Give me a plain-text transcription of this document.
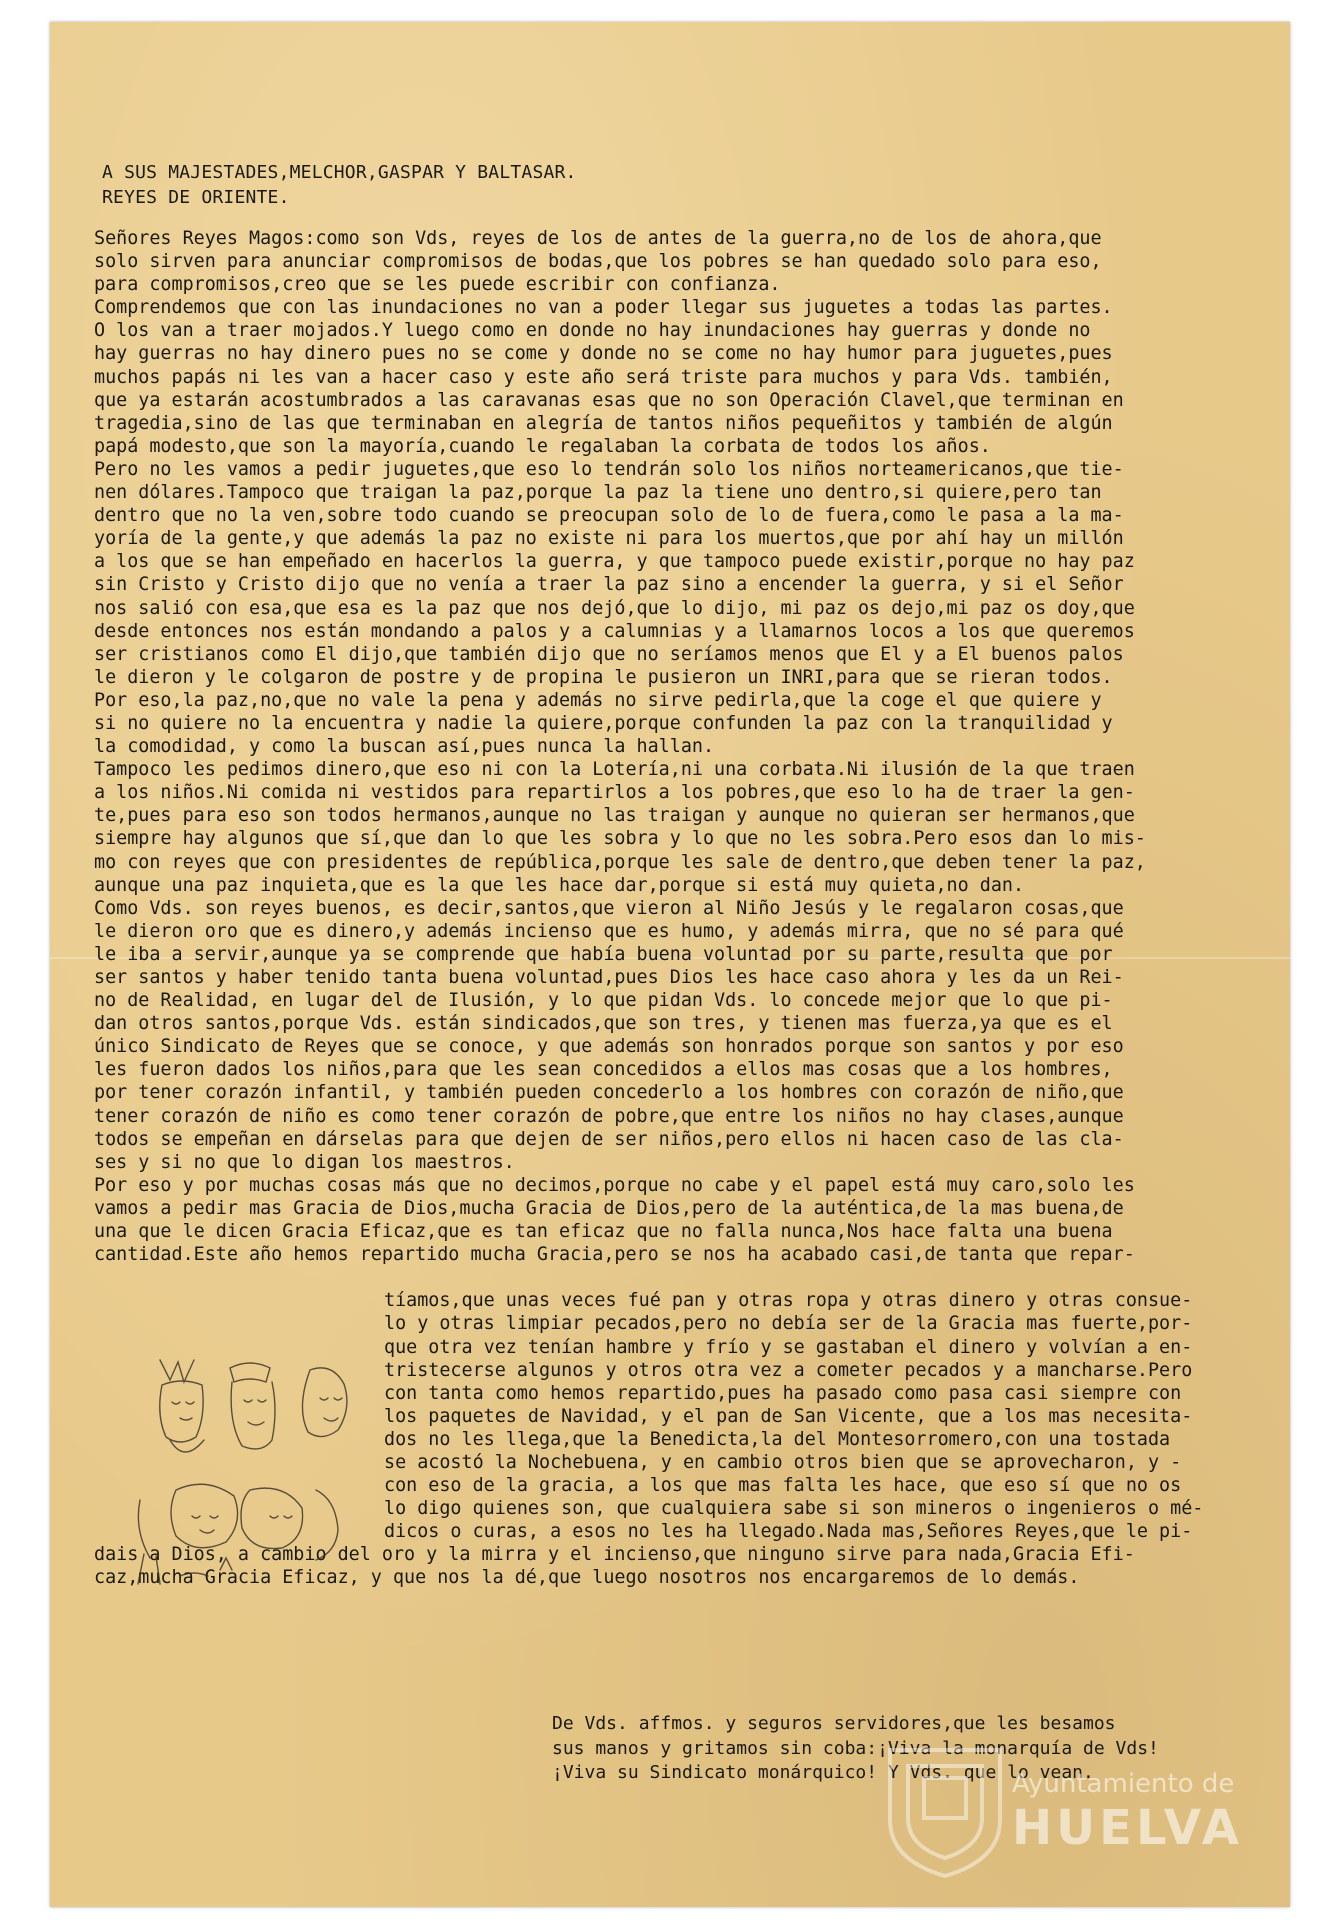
A SUS MAJESTADES,MELCHOR,GASPAR Y BALTASAR.
REYES DE ORIENTE.
Señores Reyes Magos:como son Vds, reyes de los de antes de la guerra,no de los de ahora,que
solo sirven para anunciar compromisos de bodas,que los pobres se han quedado solo para eso,
para compromisos,creo que se les puede escribir con confianza.
Comprendemos que con las inundaciones no van a poder llegar sus juguetes a todas las partes.
O los van a traer mojados.Y luego como en donde no hay inundaciones hay guerras y donde no
hay guerras no hay dinero pues no se come y donde no se come no hay humor para juguetes,pues
muchos papás ni les van a hacer caso y este año será triste para muchos y para Vds. también,
que ya estarán acostumbrados a las caravanas esas que no son Operación Clavel,que terminan en
tragedia,sino de las que terminaban en alegría de tantos niños pequeñitos y también de algún
papá modesto,que son la mayoría,cuando le regalaban la corbata de todos los años.
Pero no les vamos a pedir juguetes,que eso lo tendrán solo los niños norteamericanos,que tie-
nen dólares.Tampoco que traigan la paz,porque la paz la tiene uno dentro,si quiere,pero tan
dentro que no la ven,sobre todo cuando se preocupan solo de lo de fuera,como le pasa a la ma-
yoría de la gente,y que además la paz no existe ni para los muertos,que por ahí hay un millón
a los que se han empeñado en hacerlos la guerra, y que tampoco puede existir,porque no hay paz
sin Cristo y Cristo dijo que no venía a traer la paz sino a encender la guerra, y si el Señor
nos salió con esa,que esa es la paz que nos dejó,que lo dijo, mi paz os dejo,mi paz os doy,que
desde entonces nos están mondando a palos y a calumnias y a llamarnos locos a los que queremos
ser cristianos como El dijo,que también dijo que no seríamos menos que El y a El buenos palos
le dieron y le colgaron de postre y de propina le pusieron un INRI,para que se rieran todos.
Por eso,la paz,no,que no vale la pena y además no sirve pedirla,que la coge el que quiere y
si no quiere no la encuentra y nadie la quiere,porque confunden la paz con la tranquilidad y
la comodidad, y como la buscan así,pues nunca la hallan.
Tampoco les pedimos dinero,que eso ni con la Lotería,ni una corbata.Ni ilusión de la que traen
a los niños.Ni comida ni vestidos para repartirlos a los pobres,que eso lo ha de traer la gen-
te,pues para eso son todos hermanos,aunque no las traigan y aunque no quieran ser hermanos,que
siempre hay algunos que sí,que dan lo que les sobra y lo que no les sobra.Pero esos dan lo mis-
mo con reyes que con presidentes de república,porque les sale de dentro,que deben tener la paz,
aunque una paz inquieta,que es la que les hace dar,porque si está muy quieta,no dan.
Como Vds. son reyes buenos, es decir,santos,que vieron al Niño Jesús y le regalaron cosas,que
le dieron oro que es dinero,y además incienso que es humo, y además mirra, que no sé para qué
le iba a servir,aunque ya se comprende que había buena voluntad por su parte,resulta que por
ser santos y haber tenido tanta buena voluntad,pues Dios les hace caso ahora y les da un Rei-
no de Realidad, en lugar del de Ilusión, y lo que pidan Vds. lo concede mejor que lo que pi-
dan otros santos,porque Vds. están sindicados,que son tres, y tienen mas fuerza,ya que es el
único Sindicato de Reyes que se conoce, y que además son honrados porque son santos y por eso
les fueron dados los niños,para que les sean concedidos a ellos mas cosas que a los hombres,
por tener corazón infantil, y también pueden concederlo a los hombres con corazón de niño,que
tener corazón de niño es como tener corazón de pobre,que entre los niños no hay clases,aunque
todos se empeñan en dárselas para que dejen de ser niños,pero ellos ni hacen caso de las cla-
ses y si no que lo digan los maestros.
Por eso y por muchas cosas más que no decimos,porque no cabe y el papel está muy caro,solo les
vamos a pedir mas Gracia de Dios,mucha Gracia de Dios,pero de la auténtica,de la mas buena,de
una que le dicen Gracia Eficaz,que es tan eficaz que no falla nunca,Nos hace falta una buena
cantidad.Este año hemos repartido mucha Gracia,pero se nos ha acabado casi,de tanta que repar-
tíamos,que unas veces fué pan y otras ropa y otras dinero y otras consue-
lo y otras limpiar pecados,pero no debía ser de la Gracia mas fuerte,por-
que otra vez tenían hambre y frío y se gastaban el dinero y volvían a en-
tristecerse algunos y otros otra vez a cometer pecados y a mancharse.Pero
con tanta como hemos repartido,pues ha pasado como pasa casi siempre con
los paquetes de Navidad, y el pan de San Vicente, que a los mas necesita-
dos no les llega,que la Benedicta,la del Montesorromero,con una tostada
se acostó la Nochebuena, y en cambio otros bien que se aprovecharon, y -
con eso de la gracia, a los que mas falta les hace, que eso sí que no os
lo digo quienes son, que cualquiera sabe si son mineros o ingenieros o mé-
dicos o curas, a esos no les ha llegado.Nada mas,Señores Reyes,que le pi-
dais a Dios, a cambio del oro y la mirra y el incienso,que ninguno sirve para nada,Gracia Efi-
caz,mucha Gracia Eficaz, y que nos la dé,que luego nosotros nos encargaremos de lo demás.
De Vds. affmos. y seguros servidores,que les besamos
sus manos y gritamos sin coba:¡Viva la monarquía de Vds!
¡Viva su Sindicato monárquico! Y Vds. que lo vean.
Ayuntamiento de
HUELVA
